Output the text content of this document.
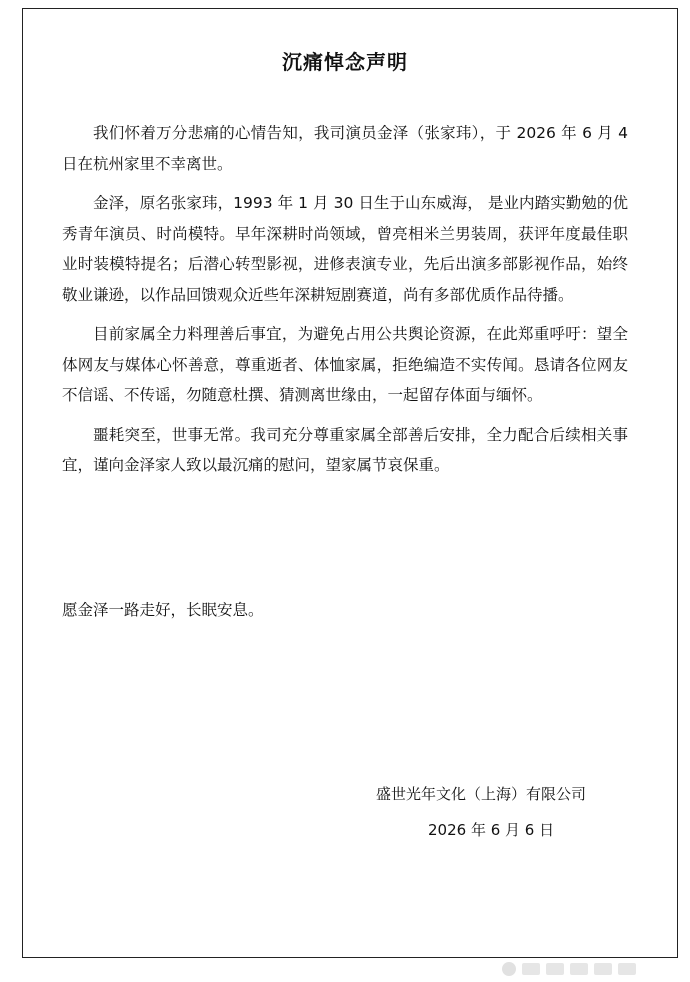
沉痛悼念声明

我们怀着万分悲痛的心情告知，我司演员金泽（张家玮），于 2026 年 6 月 4 日在杭州家里不幸离世。

金泽，原名张家玮，1993 年 1 月 30 日生于山东威海， 是业内踏实勤勉的优秀青年演员、时尚模特。早年深耕时尚领域，曾亮相米兰男装周，获评年度最佳职业时装模特提名；后潜心转型影视，进修表演专业，先后出演多部影视作品，始终敬业谦逊，以作品回馈观众近些年深耕短剧赛道，尚有多部优质作品待播。

目前家属全力料理善后事宜，为避免占用公共舆论资源，在此郑重呼吁：望全体网友与媒体心怀善意，尊重逝者、体恤家属，拒绝编造不实传闻。恳请各位网友不信谣、不传谣，勿随意杜撰、猜测离世缘由，一起留存体面与缅怀。

噩耗突至，世事无常。我司充分尊重家属全部善后安排，全力配合后续相关事宜，谨向金泽家人致以最沉痛的慰问，望家属节哀保重。

愿金泽一路走好，长眠安息。
盛世光年文化（上海）有限公司
2026 年 6 月 6 日
